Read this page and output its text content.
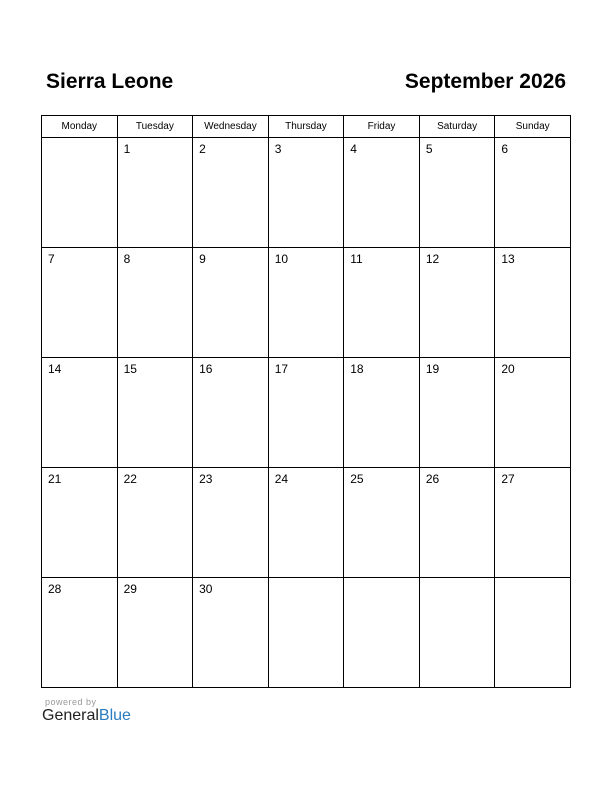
Sierra Leone	September 2026
Monday	Tuesday	Wednesday	Thursday	Friday	Saturday	Sunday

	1	2	3	4	5	6

7	8	9	10	11	12	13

14	15	16	17	18	19	20

21	22	23	24	25	26	27

28	29	30				

powered by
GeneralBlue
